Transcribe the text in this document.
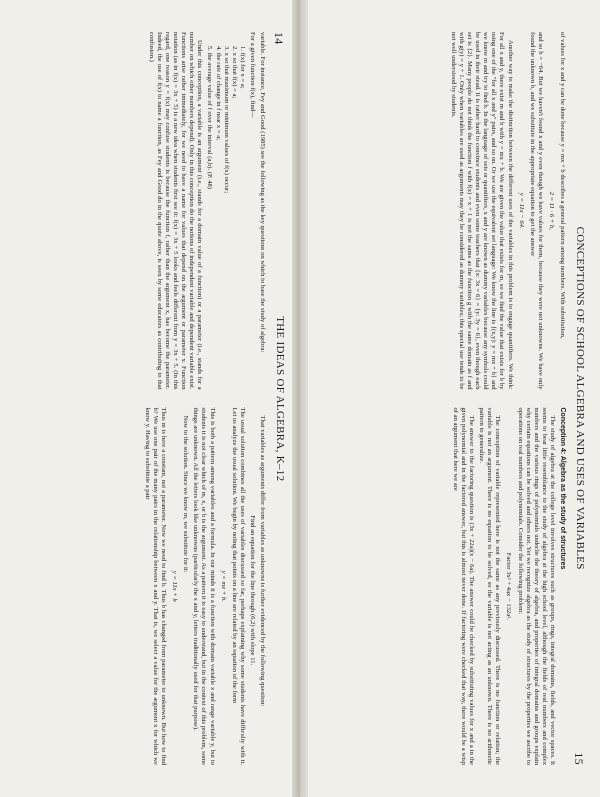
14
THE IDEAS OF ALGEBRA, K–12

variable. For instance, Fey and Good (1985) see the following as the key questions on which to base the study of algebra:

For a given function f(x), find—

1. f(x) for x = a;
2. x so that f(x) = a;
3. x so that maximum or minimum values of f(x) occur;
4. the rate of change in f near x = a;
5. the average value of f over the interval (a,b). (P. 48)

Under this conception, a variable is an argument (i.e., stands for a domain value of a function) or a parameter (i.e., stands for a number on which other numbers depend). Only in this conception do the notions of independent variable and dependent variable exist. Functions arise rather immediately, for we need to have a name for values that depend on the argument or parameter x. Function notation (as in f(x) = 3x + 5) is a new idea when students first see it: f(x) = 3x + 5 looks and feels different from y = 3x + 5. (In this regard, one reason y = f(x) may confuse students is because the function f, rather than the argument x, has become the parameter. Indeed, the use of f(x) to name a function, as Fey and Good do in the quote above, is seen by some educators as contributing to that confusion.)

That variables as arguments differ from variables as unknowns is further evidenced by the following question:

Find an equation for the line through (6,2) with slope 11.

The usual solution combines all the uses of variables discussed so far, perhaps explaining why some students have difficulty with it. Let us analyze the usual solution. We begin by noting that points on a line are related by an equation of the form

y = mx + b.

This is both a pattern among variables and a formula. In our minds it is a function with domain variable x and range variable y, but to students it is not clear which of m, x, or b is the argument. As a pattern it is easy to understand, but in the context of this problem, some things are unknown. All the letters look like unknowns (particularly the x and y, letters traditionally used for that purpose).

Now to the solution. Since we know m, we substitute for it:

y = 11x + b

Thus m is here a constant, not a parameter. Now we need to find b. Thus b has changed from parameter to unknown. But how to find b? We use one pair of the many pairs in the relationship between x and y. That is, we select a value for the argument x for which we know y. Having to substitute a pair	CONCEPTIONS OF SCHOOL ALGEBRA AND USES OF VARIABLES
15

of values for x and y can be done because y = mx + b describes a general pattern among numbers. With substitution,

2 = 11 · 6 + b,

and so b = −64. But we haven't found x and y even though we have values for them, because they were not unknowns. We have only found the unknown b, and we substitute in the appropriate equation to get the answer

y = 11x − 64.

Another way to make the distinction between the different uses of the variables in this problem is to engage quantifiers. We think: For all x and y, there exist m and b with y = mx + b. We are given the value that exists for m, so we find the value that exists for b by using one of the "for all x and y" pairs, and so on. Or we use the equivalent set language: We know the line is {(x,y): y = mx + b} and we know m and try to find b. In the language of sets or quantifiers, x and y are known as dummy variables because any symbols could be used in their stead. It is rather hard to convince students and even some teachers that {x: 3x = 6} = {y: 3y = 6}, even though each set is {2}. Many people do not think the function f with f(x) = x + 1 is not the same as the function g with the same domain as f and with g(y) = y + 1. Only when variables are used as arguments may they be considered as dummy variables; this special use tends to be not well understood by students.

Conception 4: Algebra as the study of structures

The study of algebra at the college level involves structures such as groups, rings, integral domains, fields, and vector spaces. It seems to bear little resemblance to the study of algebra at the high school level, although the fields of real numbers and complex numbers and the various rings of polynomials underlie the theory of algebra, and properties of integral domains and groups explain why certain equations can be solved and others not. Yet we recognize algebra as the study of structures by the properties we ascribe to operations on real numbers and polynomials. Consider the following problem:

Factor 3x² + 4ax − 132a².

The conception of variable represented here is not the same as any previously discussed. There is no function or relation; the variable is not an argument. There is no equation to be solved, so the variable is not acting as an unknown. There is no arithmetic pattern to generalize.

The answer to the factoring question is (3x + 22a)(x − 6a). The answer could be checked by substituting values for x and a in the given polynomial and in the factored answer, but this is almost never done. If factoring were checked that way, there would be a wisp of an argument that here we are
